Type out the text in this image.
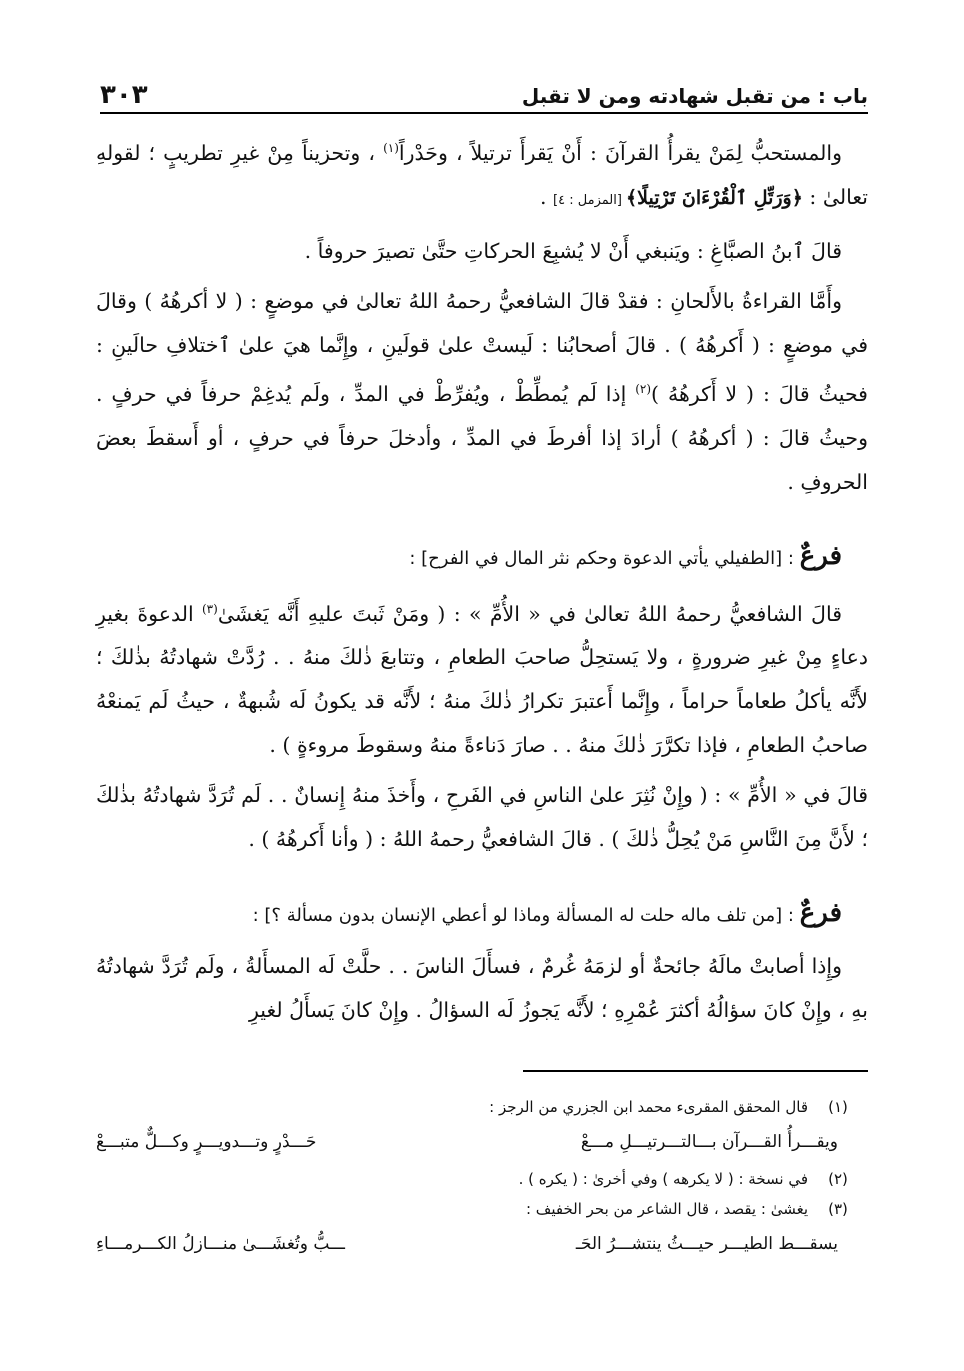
باب : من تقبل شهادته ومن لا تقبل
٣٠٣

والمستحبُّ لِمَنْ يقرأُ القرآنَ : أَنْ يَقرأَ ترتيلاً ، وحَدْراً$^{(١)}$ ، وتحزيناً مِنْ غيرِ تطريبٍ ؛ لقولهِ تعالىٰ : ﴿وَرَتِّلِ ٱلْقُرْءَانَ تَرْتِيلًا﴾ [المزمل : ٤] .

قالَ ٱبنُ الصبَّاغِ : ويَنبغي أَنْ لا يُشبِعَ الحركاتِ حتَّىٰ تصيرَ حروفاً .

وأَمَّا القراءةُ بالأَلحانِ : فقدْ قالَ الشافعيُّ رحمهُ اللهُ تعالىٰ في موضعٍ : ( لا أكرهُهُ ) وقالَ في موضعٍ : ( أَكرهُهُ ) . قالَ أصحابُنا : لَيستْ علىٰ قولَينِ ، وإِنَّما هيَ علىٰ ٱختلافِ حالَينِ : فحيثُ قالَ : ( لا أَكرهُهُ )$^{(٢)}$ إذا لَم يُمطِّطْ ، ويُفرِّطْ في المدِّ ، ولَم يُدغِمْ حرفاً في حرفٍ . وحيثُ قالَ : ( أكرهُهُ ) أرادَ إذا أفرطَ في المدِّ ، وأدخلَ حرفاً في حرفٍ ، أو أَسقطَ بعضَ الحروفِ .

فرعٌ : [الطفيلي يأتي الدعوة وحكم نثر المال في الفرح] :

قالَ الشافعيُّ رحمهُ اللهُ تعالىٰ في « الأُمِّ » : ( ومَنْ ثَبتَ عليهِ أَنَّه يَغشَىٰ$^{(٣)}$ الدعوةَ بغيرِ دعاءٍ مِنْ غيرِ ضرورةٍ ، ولا يَستحِلُّ صاحبَ الطعامِ ، وتتابعَ ذٰلكَ منهُ . . رُدَّتْ شهادتُهُ بذٰلكَ ؛ لأَنَّه يأكلُ طعاماً حراماً ، وإِنَّما أَعتبرَ تكرارُ ذٰلكَ منهُ ؛ لأَنَّه قد يكونُ لَه شُبهةٌ ، حيثُ لَم يَمنعْهُ صاحبُ الطعامِ ، فإذا تكرَّرَ ذٰلكَ منهُ . . صارَ دَناءةً منهُ وسقوطَ مروءةٍ ) .

قالَ في « الأُمِّ » : ( وإِنْ نُثِرَ علىٰ الناسِ في الفَرحِ ، وأَخذَ منهُ إِنسانٌ . . لَم تُرَدَّ شهادتُهُ بذٰلكَ ؛ لأَنَّ مِنَ النَّاسِ مَنْ يُحِلُّ ذٰلكَ ) . قالَ الشافعيُّ رحمهُ اللهُ : ( وأنا أَكرهُهُ ) .

فرعٌ : [من تلف ماله حلت له المسألة وماذا لو أعطي الإنسان بدون مسألة ؟] :

وإِذا أصابتْ مالَهُ جائحةٌ أو لزمَهُ غُرمٌ ، فسأَلَ الناسَ . . حلَّتْ لَه المسأَلةُ ، ولَم تُرَدَّ شهادتُهُ بهِ ، وإِنْ كانَ سؤالُهُ أكثرَ عُمْرِهِ ؛ لأَنَّه يَجوزُ لَه السؤالُ . وإِنْ كانَ يَسأَلُ لغيرِ

(١)
قال المحقق المقرىء محمد ابن الجزري من الرجز :
ويقـــرأُ القـــرآن بـــالتـــرتيـــلِ مـــعْ
حَـــدْرٍ وتـــدويـــرٍ وكـــلٌّ متبـــعْ
(٢)
في نسخة : ( لا يكرهه ) وفي أخرىٰ : ( يكره ) .
(٣)
يغشىٰ : يقصد ، قال الشاعر من بحر الخفيف :
يسقـــط الطيـــر حيـــثُ ينتشـــرُ الحَـ
ـــبُّ وتُغشَـــىٰ منـــازلُ الكـــرمـــاءِ
